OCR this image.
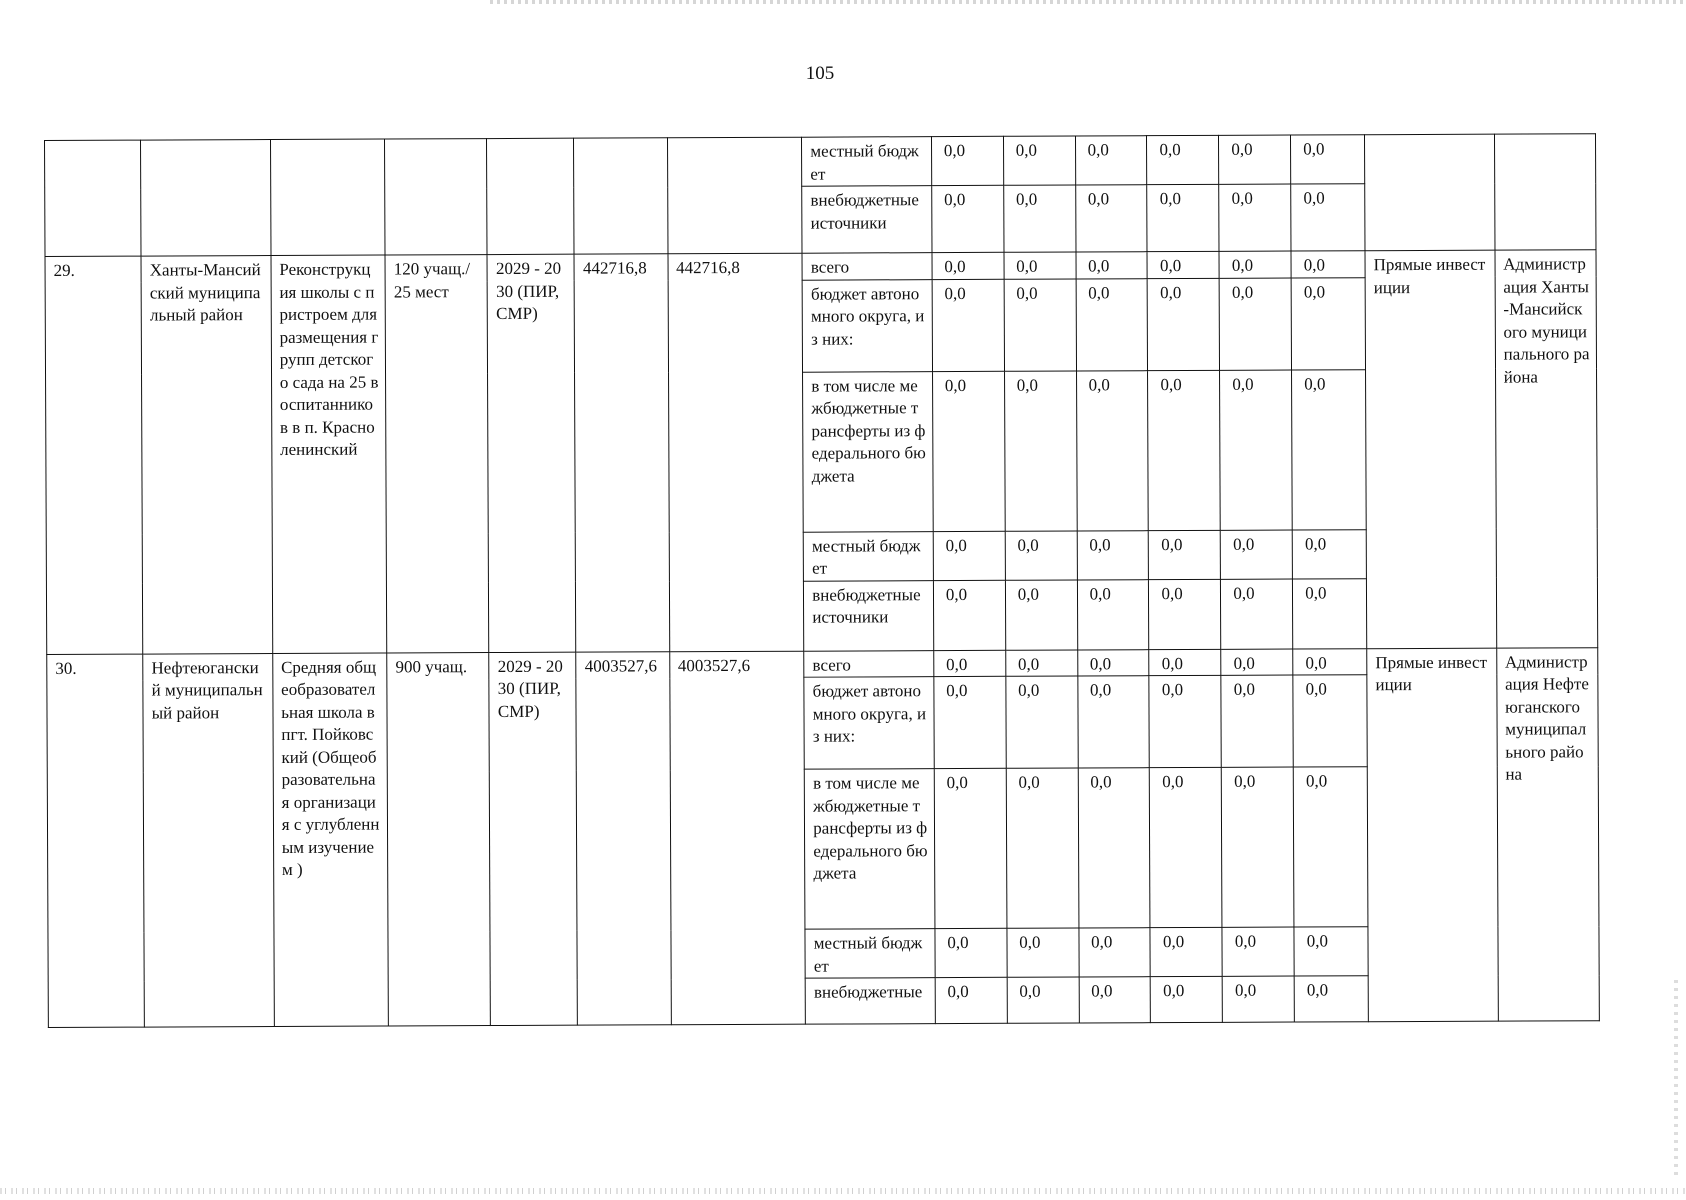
105
							местный бюджет	0,0	0,0	0,0	0,0	0,0	0,0		
							внебюджетные источники	0,0	0,0	0,0	0,0	0,0	0,0		
29.	Ханты-Мансийский муниципальный район	Реконструкция школы с пристроем для размещения групп детского сада на 25 воспитанников в п. Красноленинский	120 учащ./ 25 мест	2029 - 2030 (ПИР, СМР)	442716,8	442716,8	всего	0,0	0,0	0,0	0,0	0,0	0,0	Прямые инвестиции	Администрация Ханты-Мансийского муниципального района
							бюджет автономного округа, из них:	0,0	0,0	0,0	0,0	0,0	0,0		
							в том числе межбюджетные трансферты из федерального бюджета	0,0	0,0	0,0	0,0	0,0	0,0		
							местный бюджет	0,0	0,0	0,0	0,0	0,0	0,0		
							внебюджетные источники	0,0	0,0	0,0	0,0	0,0	0,0		
30.	Нефтеюганский муниципальный район	Средняя общеобразовательная школа в пгт. Пойковский (Общеобразовательная организация с углубленным изучением )	900 учащ.	2029 - 2030 (ПИР, СМР)	4003527,6	4003527,6	всего	0,0	0,0	0,0	0,0	0,0	0,0	Прямые инвестиции	Администрация Нефтеюганского муниципального района
							бюджет автономного округа, из них:	0,0	0,0	0,0	0,0	0,0	0,0		
							в том числе межбюджетные трансферты из федерального бюджета	0,0	0,0	0,0	0,0	0,0	0,0		
							местный бюджет	0,0	0,0	0,0	0,0	0,0	0,0		
							внебюджетные	0,0	0,0	0,0	0,0	0,0	0,0		
